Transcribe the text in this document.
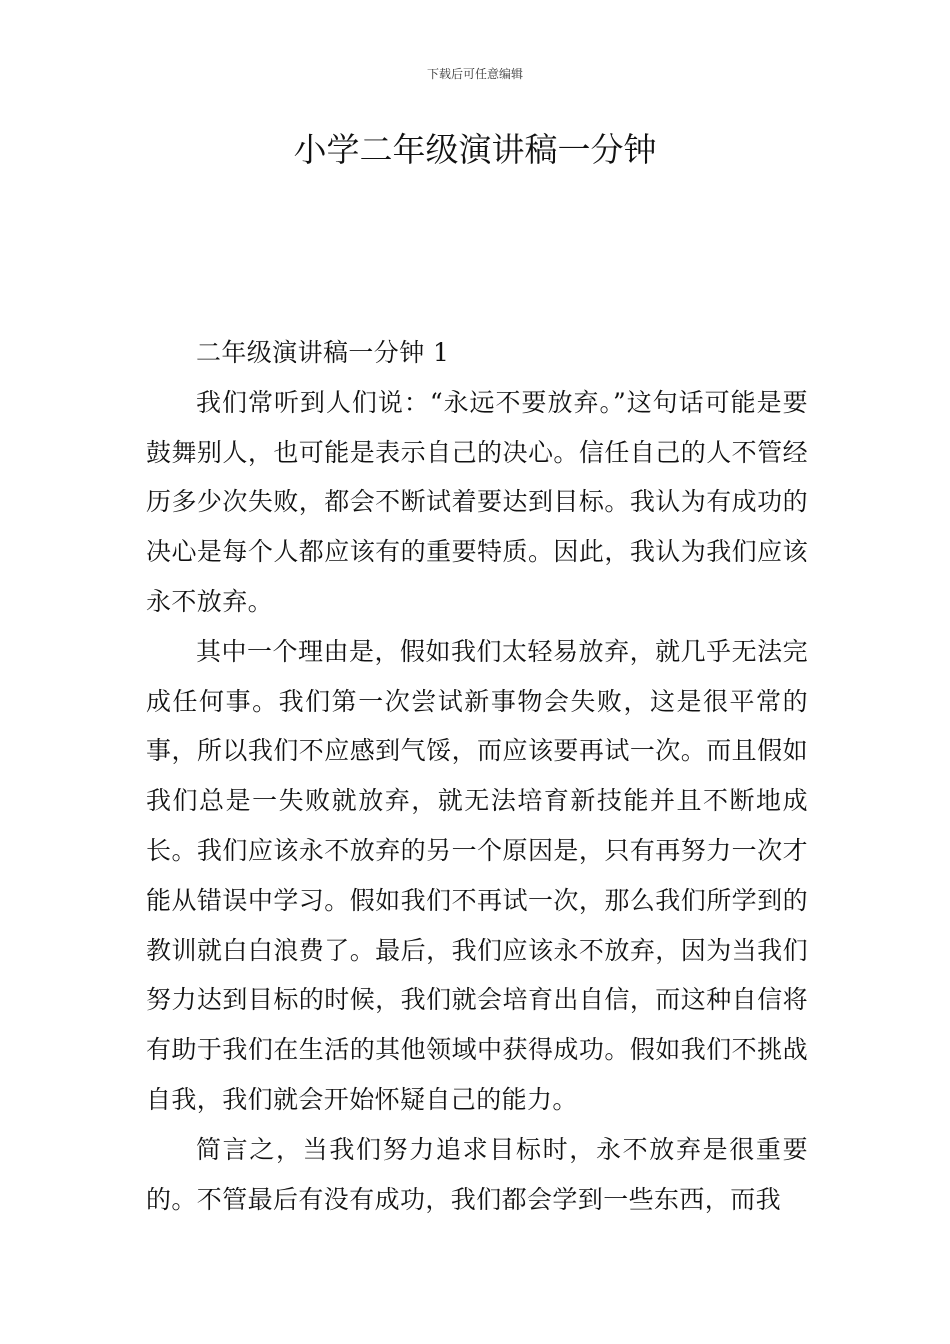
下载后可任意编辑
小学二年级演讲稿一分钟

二年级演讲稿一分钟 1

我们常听到人们说：“永远不要放弃。”这句话可能是要鼓舞别人，也可能是表示自己的决心。信任自己的人不管经历多少次失败，都会不断试着要达到目标。我认为有成功的决心是每个人都应该有的重要特质。因此，我认为我们应该永不放弃。

其中一个理由是，假如我们太轻易放弃，就几乎无法完成任何事。我们第一次尝试新事物会失败，这是很平常的事，所以我们不应感到气馁，而应该要再试一次。而且假如我们总是一失败就放弃，就无法培育新技能并且不断地成长。我们应该永不放弃的另一个原因是，只有再努力一次才能从错误中学习。假如我们不再试一次，那么我们所学到的教训就白白浪费了。最后，我们应该永不放弃，因为当我们努力达到目标的时候，我们就会培育出自信，而这种自信将有助于我们在生活的其他领域中获得成功。假如我们不挑战自我，我们就会开始怀疑自己的能力。

简言之，当我们努力追求目标时，永不放弃是很重要的。不管最后有没有成功，我们都会学到一些东西，而我
